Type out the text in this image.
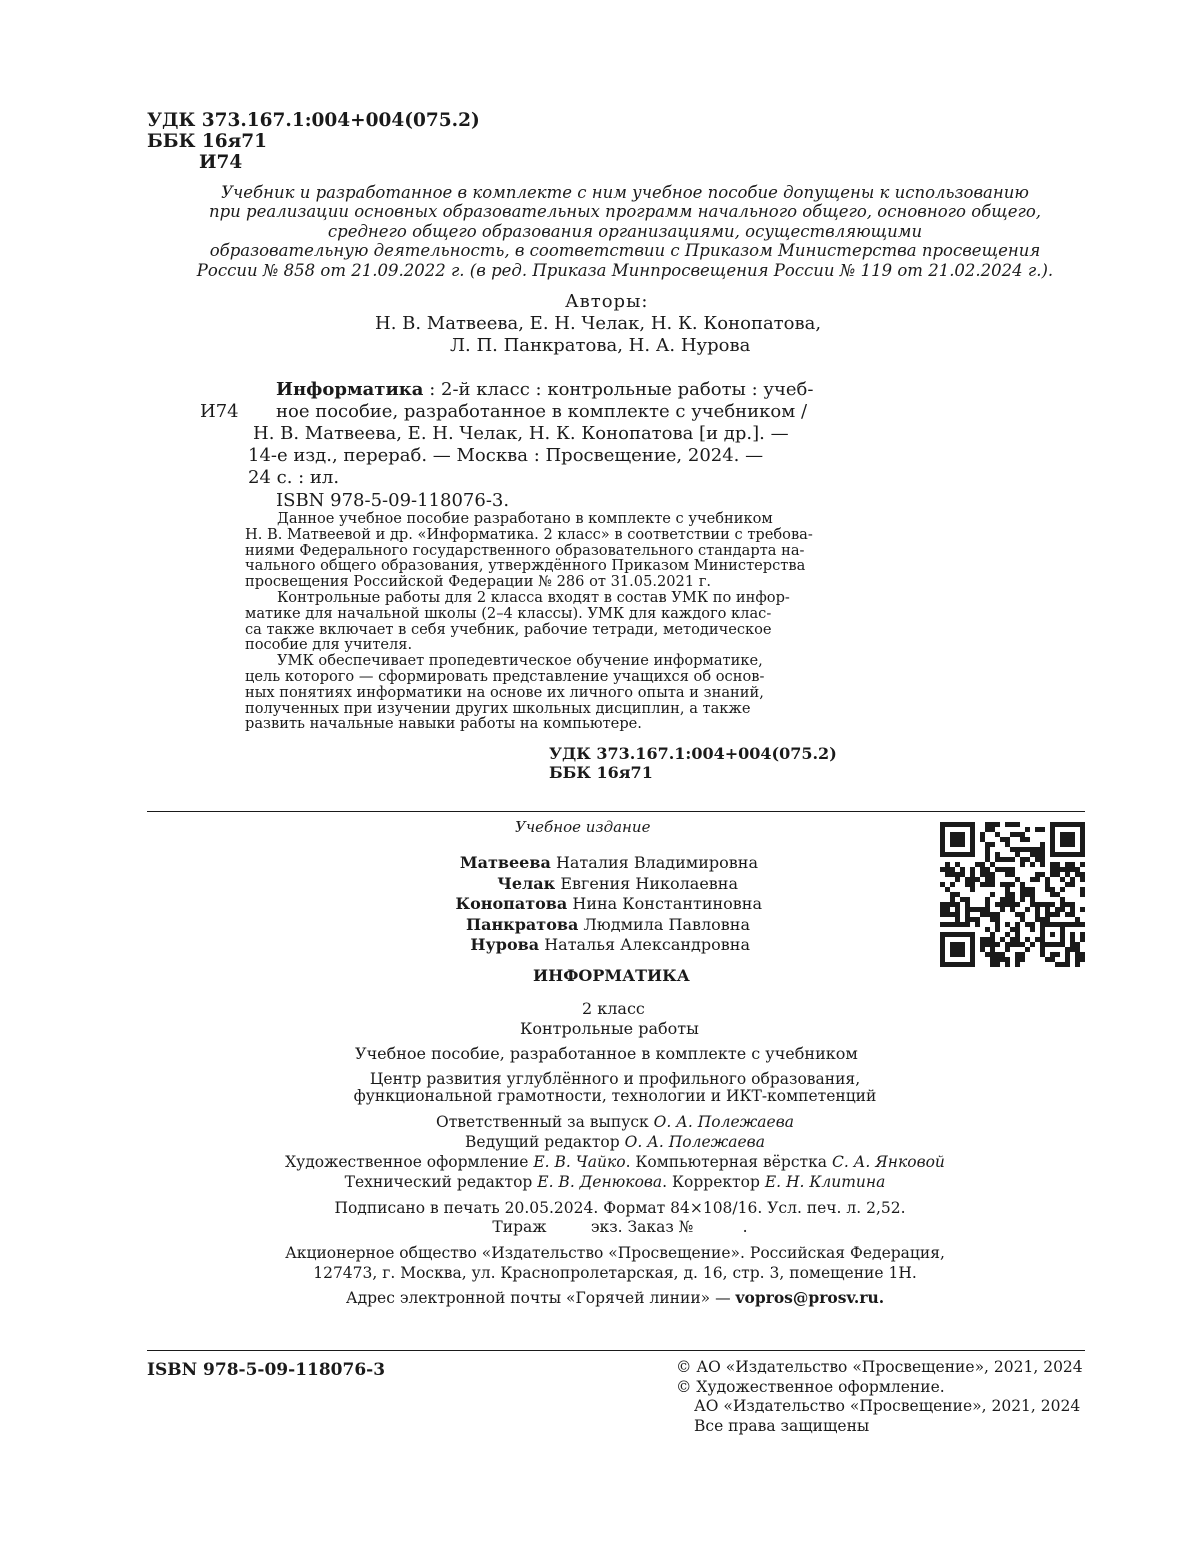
УДК 373.167.1:004+004(075.2)
ББК 16я71
И74
Учебник и разработанное в комплекте с ним учебное пособие допущены к использованию
при реализации основных образовательных программ начального общего, основного общего,
среднего общего образования организациями, осуществляющими
образовательную деятельность, в соответствии с Приказом Министерства просвещения
России № 858 от 21.09.2022 г. (в ред. Приказа Минпросвещения России № 119 от 21.02.2024 г.).
Авторы:
Н. В. Матвеева, Е. Н. Челак, Н. К. Конопатова,
Л. П. Панкратова, Н. А. Нурова
Информатика : 2-й класс : контрольные работы : учеб-
ное пособие, разработанное в комплекте с учебником /
Н. В. Матвеева, Е. Н. Челак, Н. К. Конопатова [и др.]. —
14-е изд., перераб. — Москва : Просвещение, 2024. —
24 с. : ил.
И74
ISBN 978-5-09-118076-3.
Данное учебное пособие разработано в комплекте с учебником
Н. В. Матвеевой и др. «Информатика. 2 класс» в соответствии с требова-
ниями Федерального государственного образовательного стандарта на-
чального общего образования, утверждённого Приказом Министерства
просвещения Российской Федерации № 286 от 31.05.2021 г.
Контрольные работы для 2 класса входят в состав УМК по инфор-
матике для начальной школы (2–4 классы). УМК для каждого клас-
са также включает в себя учебник, рабочие тетради, методическое
пособие для учителя.
УМК обеспечивает пропедевтическое обучение информатике,
цель которого — сформировать представление учащихся об основ-
ных понятиях информатики на основе их личного опыта и знаний,
полученных при изучении других школьных дисциплин, а также
развить начальные навыки работы на компьютере.
УДК 373.167.1:004+004(075.2)
ББК 16я71
Учебное издание
Матвеева Наталия Владимировна
Челак Евгения Николаевна
Конопатова Нина Константиновна
Панкратова Людмила Павловна
Нурова Наталья Александровна
ИНФОРМАТИКА
2 класс
Контрольные работы
Учебное пособие, разработанное в комплекте с учебником
Центр развития углублённого и профильного образования,
функциональной грамотности, технологии и ИКТ-компетенций
Ответственный за выпуск О. А. Полежаева
Ведущий редактор О. А. Полежаева
Художественное оформление Е. В. Чайко. Компьютерная вёрстка С. А. Янковой
Технический редактор Е. В. Денюкова. Корректор Е. Н. Клитина
Подписано в печать 20.05.2024. Формат 84×108/16. Усл. печ. л. 2,52.
Тираж         экз. Заказ №          .
Акционерное общество «Издательство «Просвещение». Российская Федерация,
127473, г. Москва, ул. Краснопролетарская, д. 16, стр. 3, помещение 1Н.
Адрес электронной почты «Горячей линии» — vopros@prosv.ru.
ISBN 978-5-09-118076-3	© АО «Издательство «Просвещение», 2021, 2024
© Художественное оформление.
АО «Издательство «Просвещение», 2021, 2024
Все права защищены
